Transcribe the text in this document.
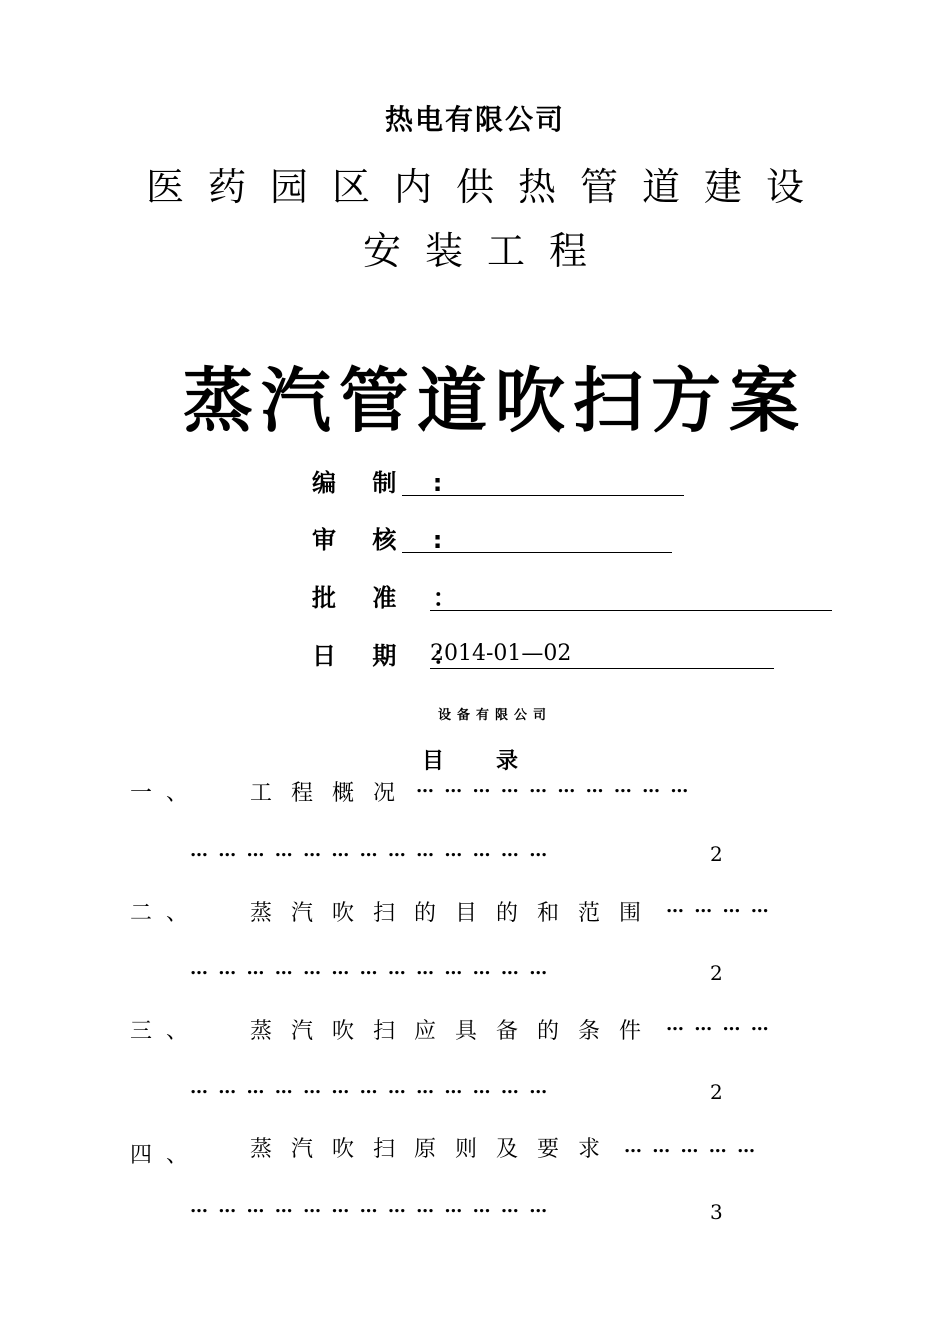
热电有限公司
医药园区内供热管道建设
安装工程
蒸汽管道吹扫方案
编 制 :
审 核 :
批 准 ：
日 期 ：
2014-01—02
设备有限公司
目录
一、 工程概况 … … … … … … … … … …
… … … … … … … … … … … … …	2
二、 蒸汽吹扫的目的和范围 … … … …
… … … … … … … … … … … … …	2
三、 蒸汽吹扫应具备的条件 … … … …
… … … … … … … … … … … … …	2
四、 蒸汽吹扫原则及要求 … … … … …
… … … … … … … … … … … … …	3
